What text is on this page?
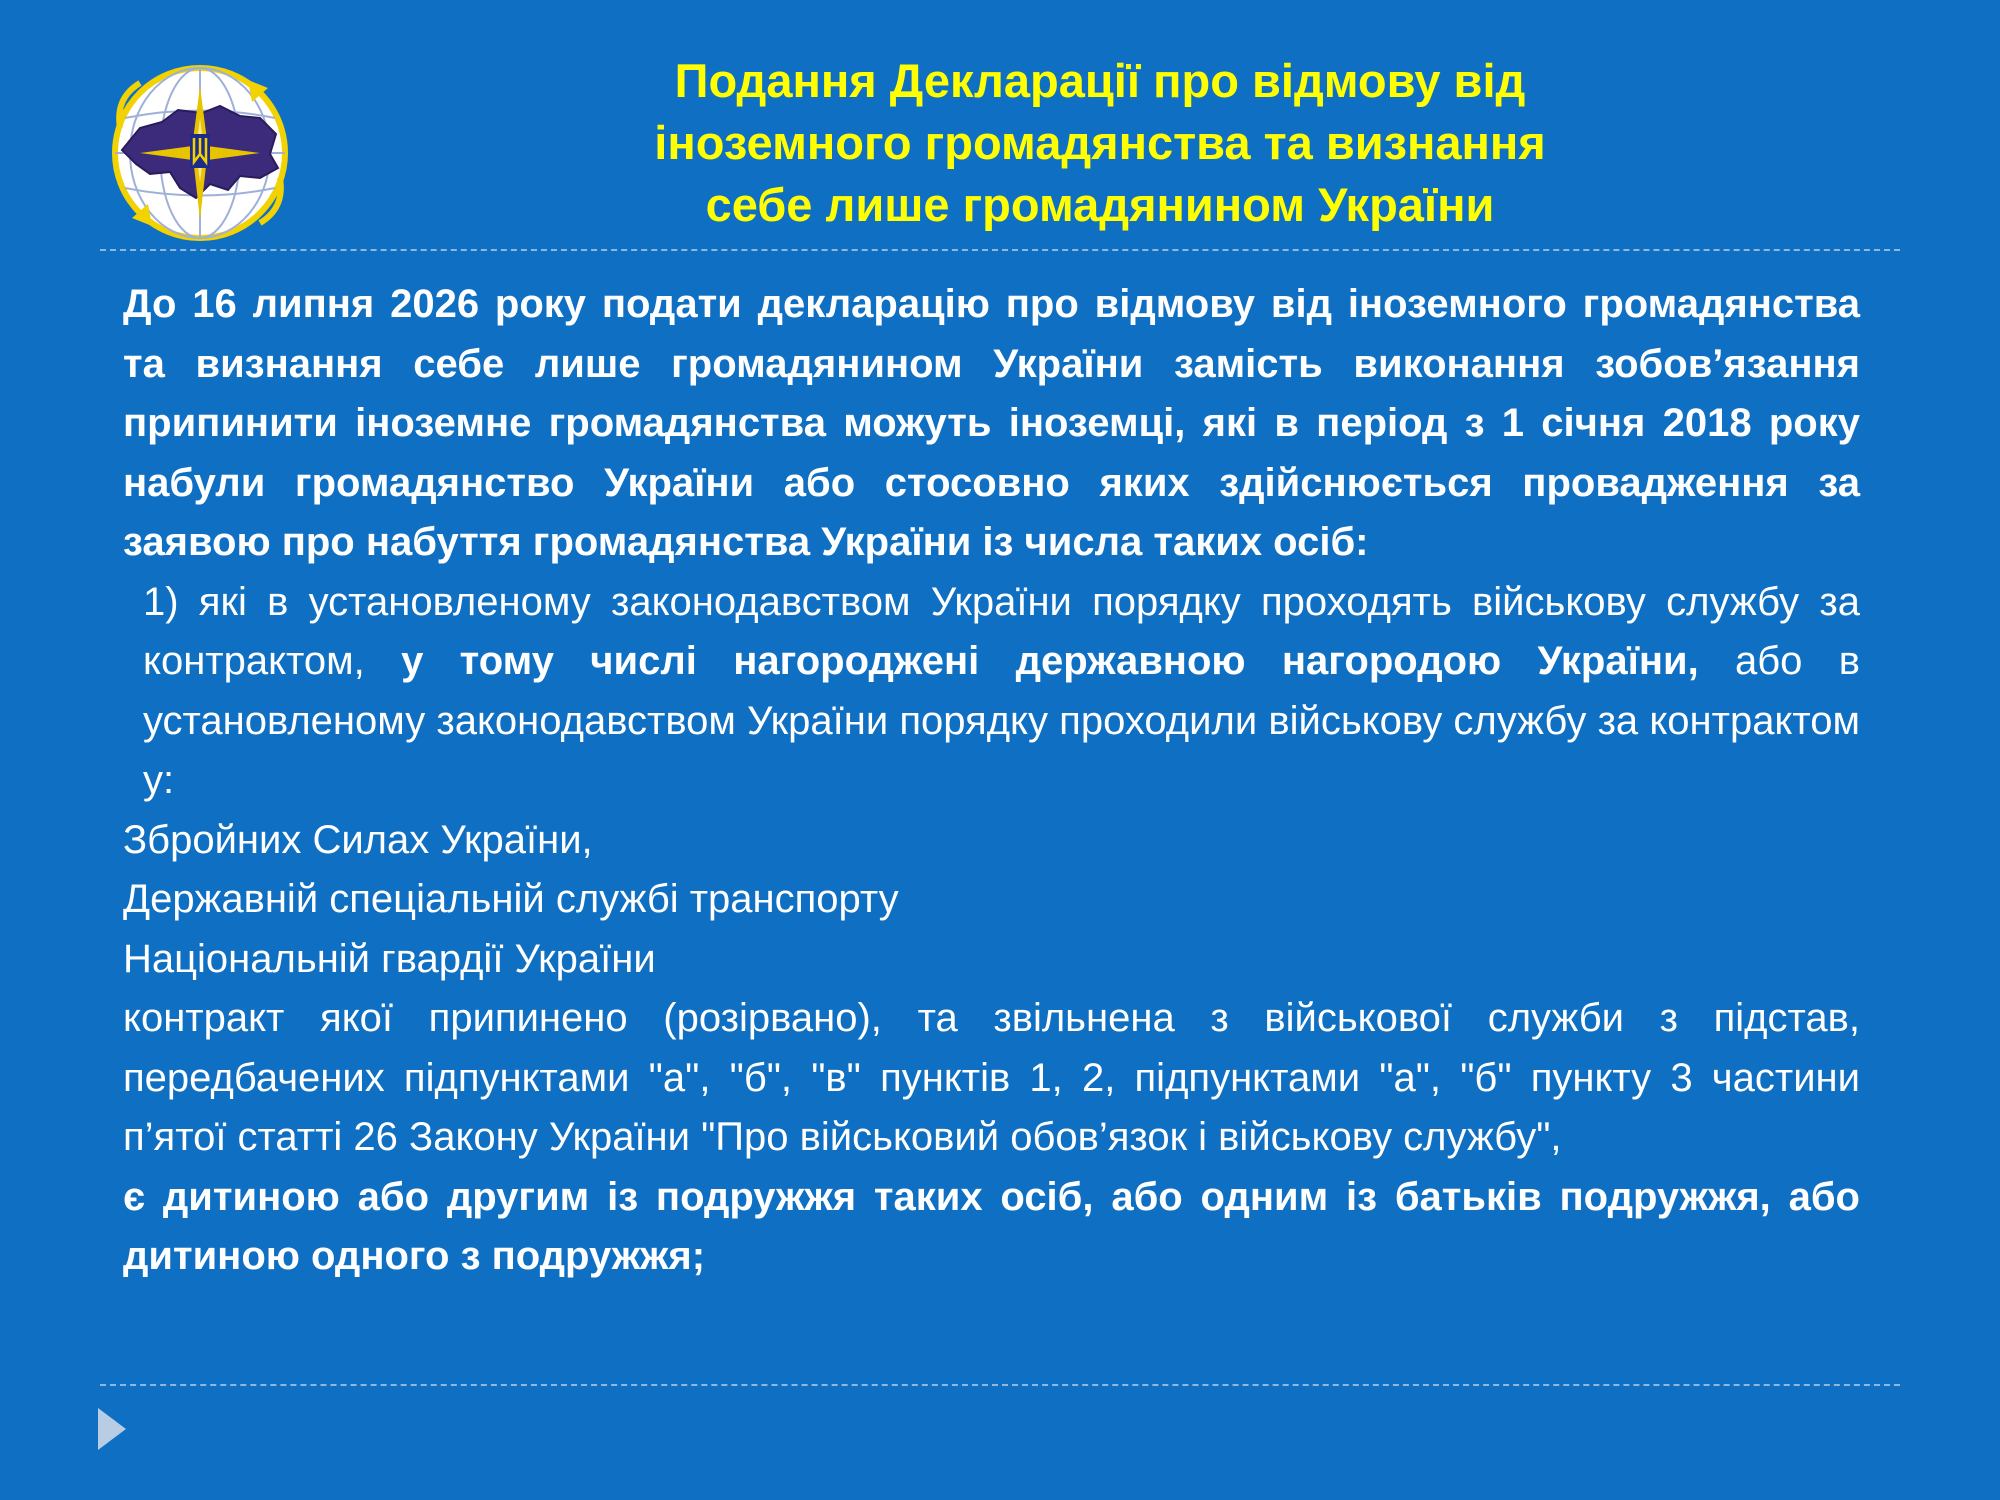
Подання Декларації про відмову від
іноземного громадянства та визнання
себе лише громадянином України

До 16 липня 2026 року подати декларацію про відмову від іноземного громадянства та визнання себе лише громадянином України замість виконання зобов’язання припинити іноземне громадянства можуть іноземці, які в період з 1 січня 2018 року набули громадянство України або стосовно яких здійснюється провадження за заявою про набуття громадянства України із числа таких осіб:

1) які в установленому законодавством України порядку проходять військову службу за контрактом, у тому числі нагороджені державною нагородою України, або в установленому законодавством України порядку проходили військову службу за контрактом у:

Збройних Силах України,

Державній спеціальній службі транспорту

Національній гвардії України

контракт якої припинено (розірвано), та звільнена з військової служби з підстав, передбачених підпунктами "а", "б", "в" пунктів 1, 2, підпунктами "а", "б" пункту 3 частини п’ятої статті 26 Закону України "Про військовий обов’язок і військову службу",

є дитиною або другим із подружжя таких осіб, або одним із батьків подружжя, або дитиною одного з подружжя;
